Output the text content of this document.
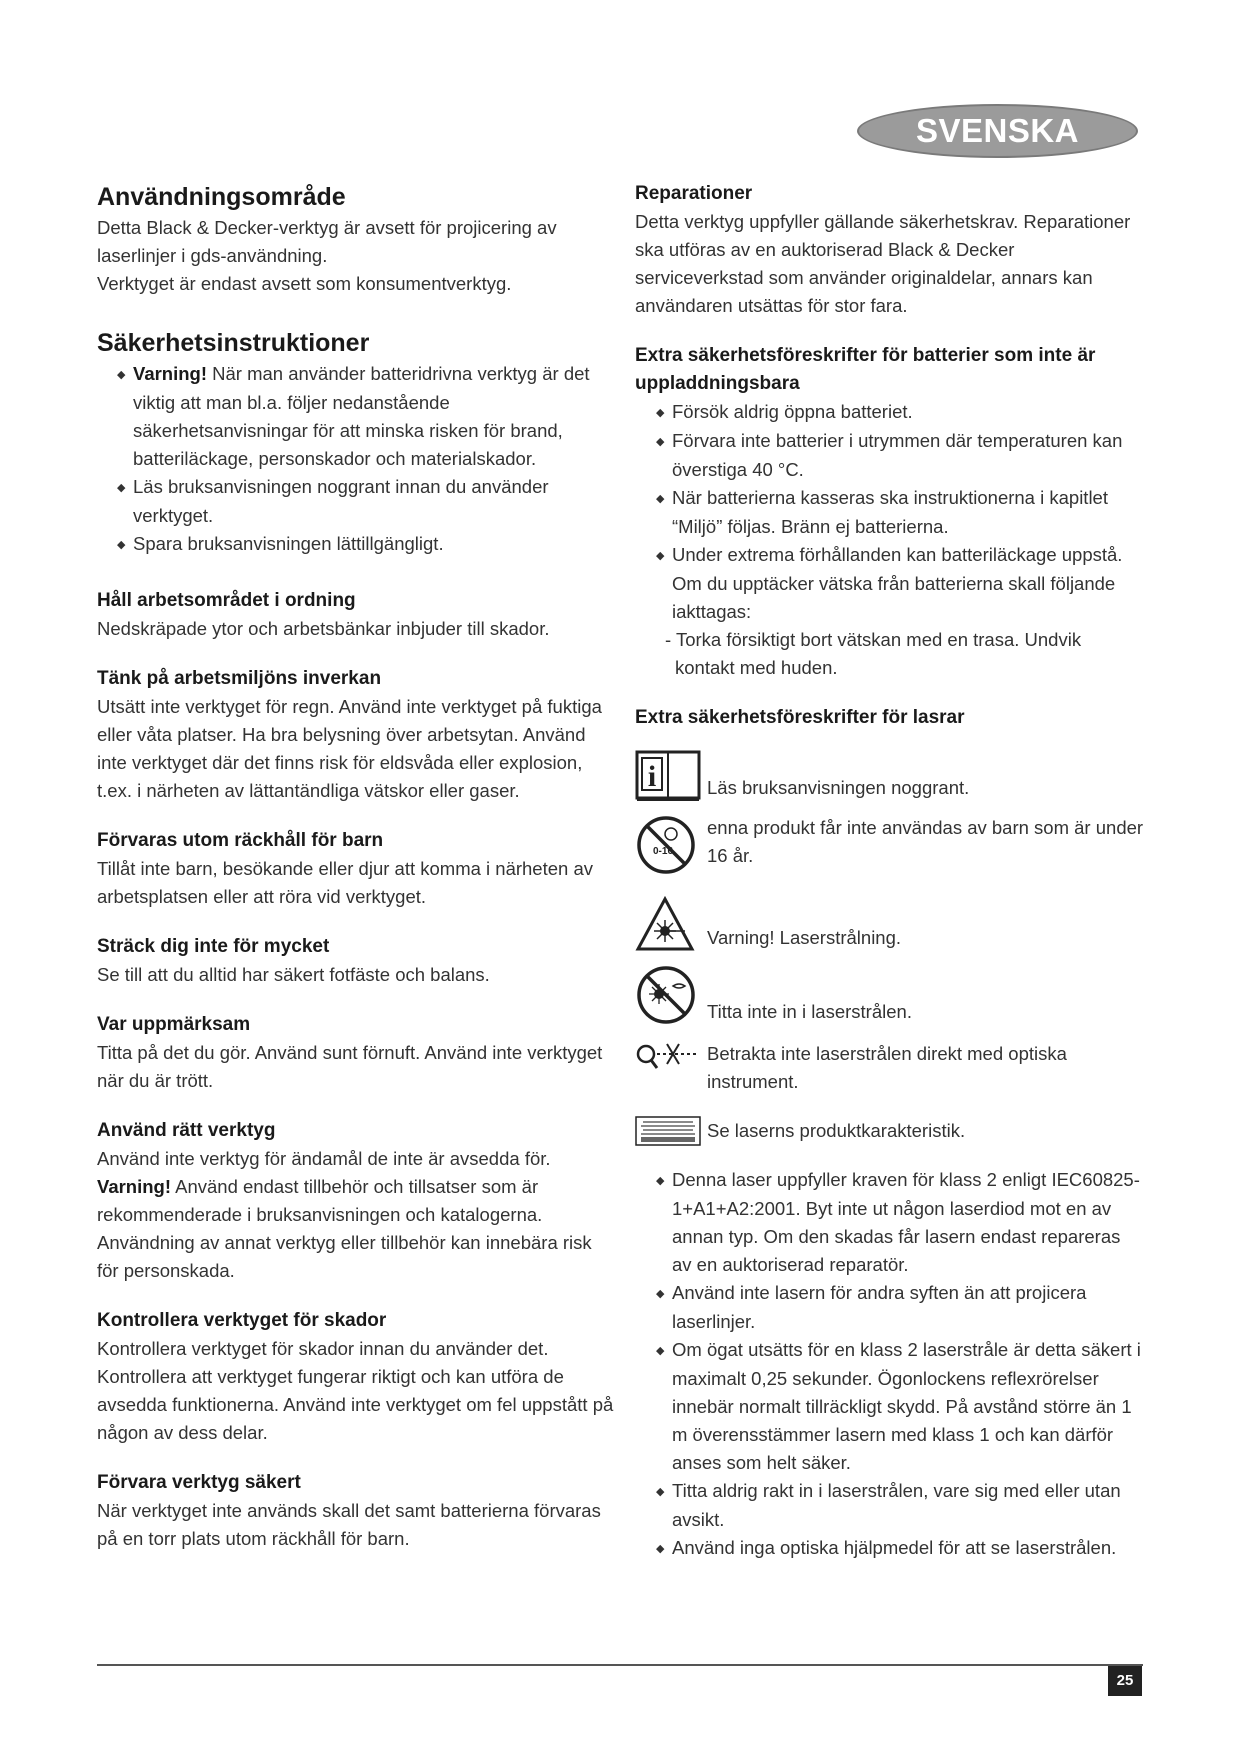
SVENSKA
Användningsområde

Detta Black & Decker-verktyg är avsett för projicering av laserlinjer i gds-användning.

Verktyget är endast avsett som konsumentverktyg.

Säkerhetsinstruktioner
◆ Varning! När man använder batteridrivna verktyg är det viktig att man bl.a. följer nedanstående säkerhetsanvisningar för att minska risken för brand, batteriläckage, personskador och materialskador.
◆ Läs bruksanvisningen noggrant innan du använder verktyget.
◆ Spara bruksanvisningen lättillgängligt.
Håll arbetsområdet i ordning

Nedskräpade ytor och arbetsbänkar inbjuder till skador.

Tänk på arbetsmiljöns inverkan

Utsätt inte verktyget för regn. Använd inte verktyget på fuktiga eller våta platser. Ha bra belysning över arbetsytan. Använd inte verktyget där det finns risk för eldsvåda eller explosion, t.ex. i närheten av lättantändliga vätskor eller gaser.

Förvaras utom räckhåll för barn

Tillåt inte barn, besökande eller djur att komma i närheten av arbetsplatsen eller att röra vid verktyget.

Sträck dig inte för mycket

Se till att du alltid har säkert fotfäste och balans.

Var uppmärksam

Titta på det du gör. Använd sunt förnuft. Använd inte verktyget när du är trött.

Använd rätt verktyg

Använd inte verktyg för ändamål de inte är avsedda för.

Varning! Använd endast tillbehör och tillsatser som är rekommenderade i bruksanvisningen och katalogerna. Användning av annat verktyg eller tillbehör kan innebära risk för personskada.

Kontrollera verktyget för skador

Kontrollera verktyget för skador innan du använder det. Kontrollera att verktyget fungerar riktigt och kan utföra de avsedda funktionerna. Använd inte verktyget om fel uppstått på någon av dess delar.

Förvara verktyg säkert

När verktyget inte används skall det samt batterierna förvaras på en torr plats utom räckhåll för barn.

Reparationer

Detta verktyg uppfyller gällande säkerhetskrav. Reparationer ska utföras av en auktoriserad Black & Decker serviceverkstad som använder originaldelar, annars kan användaren utsättas för stor fara.

Extra säkerhetsföreskrifter för batterier som inte är uppladdningsbara
◆ Försök aldrig öppna batteriet.
◆ Förvara inte batterier i utrymmen där temperaturen kan överstiga 40 °C.
◆ När batterierna kasseras ska instruktionerna i kapitlet “Miljö” följas. Bränn ej batterierna.
◆ Under extrema förhållanden kan batteriläckage uppstå. Om du upptäcker vätska från batterierna skall följande iakttagas:
- Torka försiktigt bort vätskan med en trasa. Undvik kontakt med huden.
Extra säkerhetsföreskrifter för lasrar
i	Läs bruksanvisningen noggrant.
0-16
enna produkt får inte användas av barn som är under 16 år.
Varning! Laserstrålning.
Titta inte in i laserstrålen.
Betrakta inte laserstrålen direkt med optiska instrument.
Se laserns produktkarakteristik.
◆ Denna laser uppfyller kraven för klass 2 enligt IEC60825-1+A1+A2:2001. Byt inte ut någon laserdiod mot en av annan typ. Om den skadas får lasern endast repareras av en auktoriserad reparatör.
◆ Använd inte lasern för andra syften än att projicera laserlinjer.
◆ Om ögat utsätts för en klass 2 laserstråle är detta säkert i maximalt 0,25 sekunder. Ögonlockens reflexrörelser innebär normalt tillräckligt skydd. På avstånd större än 1 m överensstämmer lasern med klass 1 och kan därför anses som helt säker.
◆ Titta aldrig rakt in i laserstrålen, vare sig med eller utan avsikt.
◆ Använd inga optiska hjälpmedel för att se laserstrålen.
25
